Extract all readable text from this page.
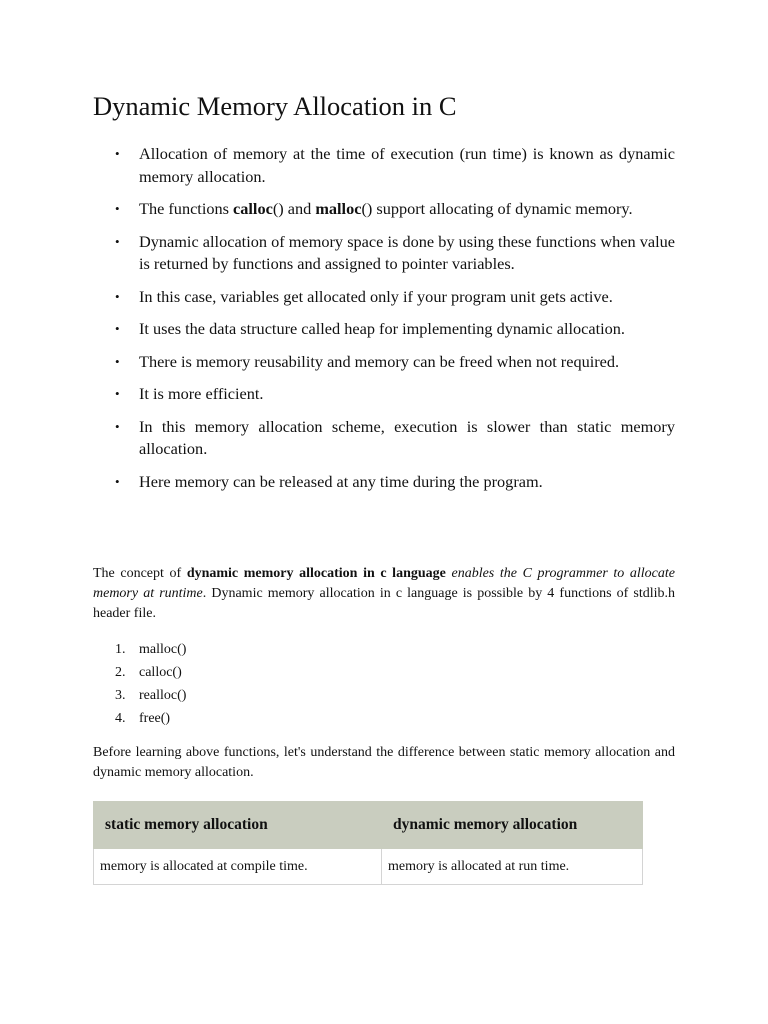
Dynamic Memory Allocation in C
• Allocation of memory at the time of execution (run time) is known as dynamic memory allocation.
• The functions calloc() and malloc() support allocating of dynamic memory.
• Dynamic allocation of memory space is done by using these functions when value is returned by functions and assigned to pointer variables.
• In this case, variables get allocated only if your program unit gets active.
• It uses the data structure called heap for implementing dynamic allocation.
• There is memory reusability and memory can be freed when not required.
• It is more efficient.
• In this memory allocation scheme, execution is slower than static memory allocation.
• Here memory can be released at any time during the program.

The concept of dynamic memory allocation in c language enables the C programmer to allocate memory at runtime. Dynamic memory allocation in c language is possible by 4 functions of stdlib.h header file.

1. malloc()
2. calloc()
3. realloc()
4. free()

Before learning above functions, let's understand the difference between static memory allocation and dynamic memory allocation.

static memory allocation	dynamic memory allocation
memory is allocated at compile time.	memory is allocated at run time.
